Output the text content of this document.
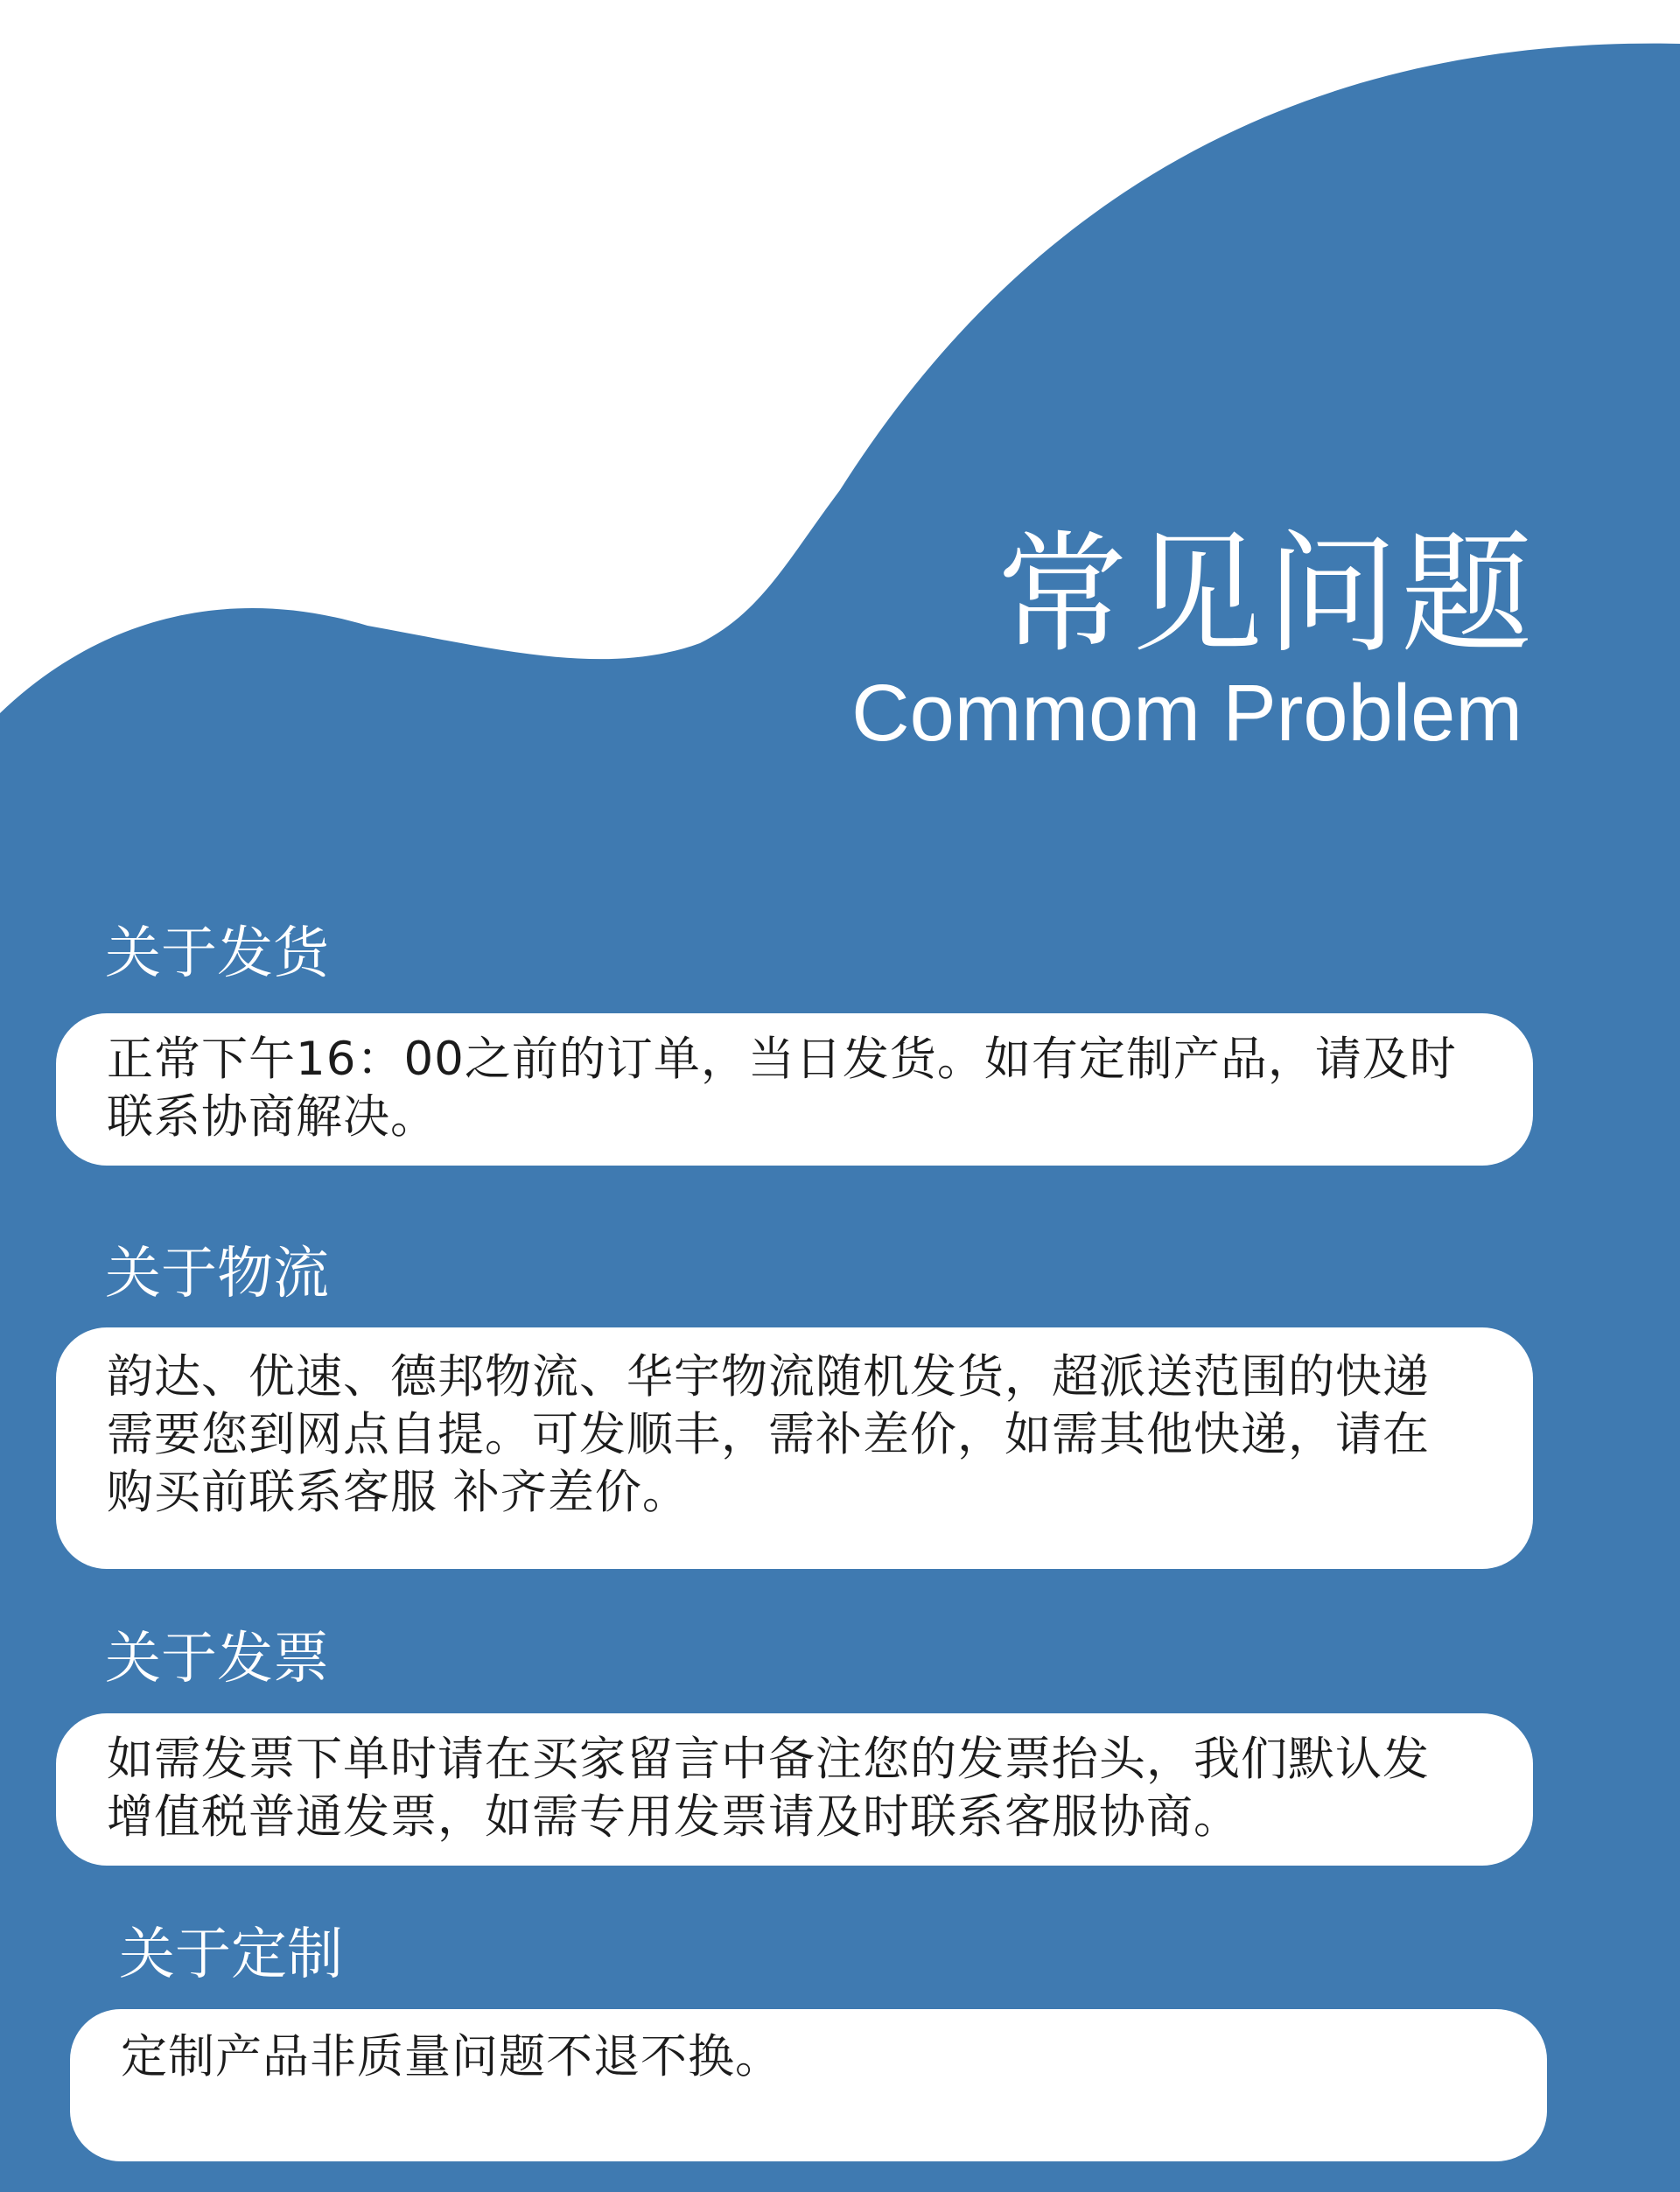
常见问题
Commom Problem
关于发货
正常下午16：00之前的订单，当日发货。如有定制产品，请及时联系协商解决。
关于物流
韵达、优速、德邦物流、华宇物流随机发货，超派送范围的快递需要您到网点自提。可发顺丰，需补差价，如需其他快递，请在购买前联系客服 补齐差价。
关于发票
如需发票下单时请在买家留言中备注您的发票抬头，我们默认发增值税普通发票，如需专用发票请及时联系客服协商。
关于定制
定制产品非质量问题不退不换。
